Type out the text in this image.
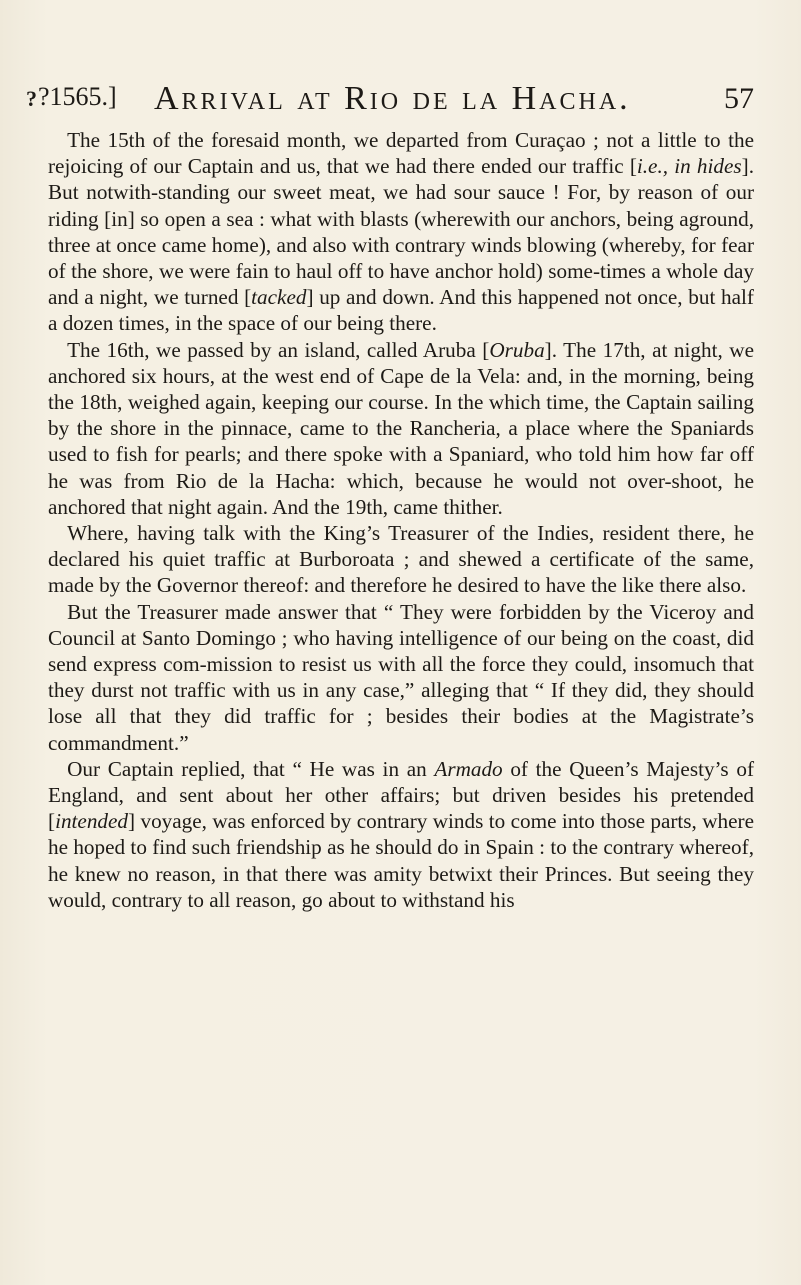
? ?1565.] Arrival at Rio de la Hacha.	57

The 15th of the foresaid month, we departed from Curaçao ; not a little to the rejoicing of our Captain and us, that we had there ended our traffic [i.e., in hides]. But notwith-standing our sweet meat, we had sour sauce ! For, by reason of our riding [in] so open a sea : what with blasts (wherewith our anchors, being aground, three at once came home), and also with contrary winds blowing (whereby, for fear of the shore, we were fain to haul off to have anchor hold) some-times a whole day and a night, we turned [tacked] up and down. And this happened not once, but half a dozen times, in the space of our being there.

The 16th, we passed by an island, called Aruba [Oruba]. The 17th, at night, we anchored six hours, at the west end of Cape de la Vela: and, in the morning, being the 18th, weighed again, keeping our course. In the which time, the Captain sailing by the shore in the pinnace, came to the Rancheria, a place where the Spaniards used to fish for pearls; and there spoke with a Spaniard, who told him how far off he was from Rio de la Hacha: which, because he would not over-shoot, he anchored that night again. And the 19th, came thither.

Where, having talk with the King’s Treasurer of the Indies, resident there, he declared his quiet traffic at Burboroata ; and shewed a certificate of the same, made by the Governor thereof: and therefore he desired to have the like there also.

But the Treasurer made answer that “ They were forbidden by the Viceroy and Council at Santo Domingo ; who having intelligence of our being on the coast, did send express com-mission to resist us with all the force they could, insomuch that they durst not traffic with us in any case,” alleging that “ If they did, they should lose all that they did traffic for ; besides their bodies at the Magistrate’s commandment.”

Our Captain replied, that “ He was in an Armado of the Queen’s Majesty’s of England, and sent about her other affairs; but driven besides his pretended [intended] voyage, was enforced by contrary winds to come into those parts, where he hoped to find such friendship as he should do in Spain : to the contrary whereof, he knew no reason, in that there was amity betwixt their Princes. But seeing they would, contrary to all reason, go about to withstand his
